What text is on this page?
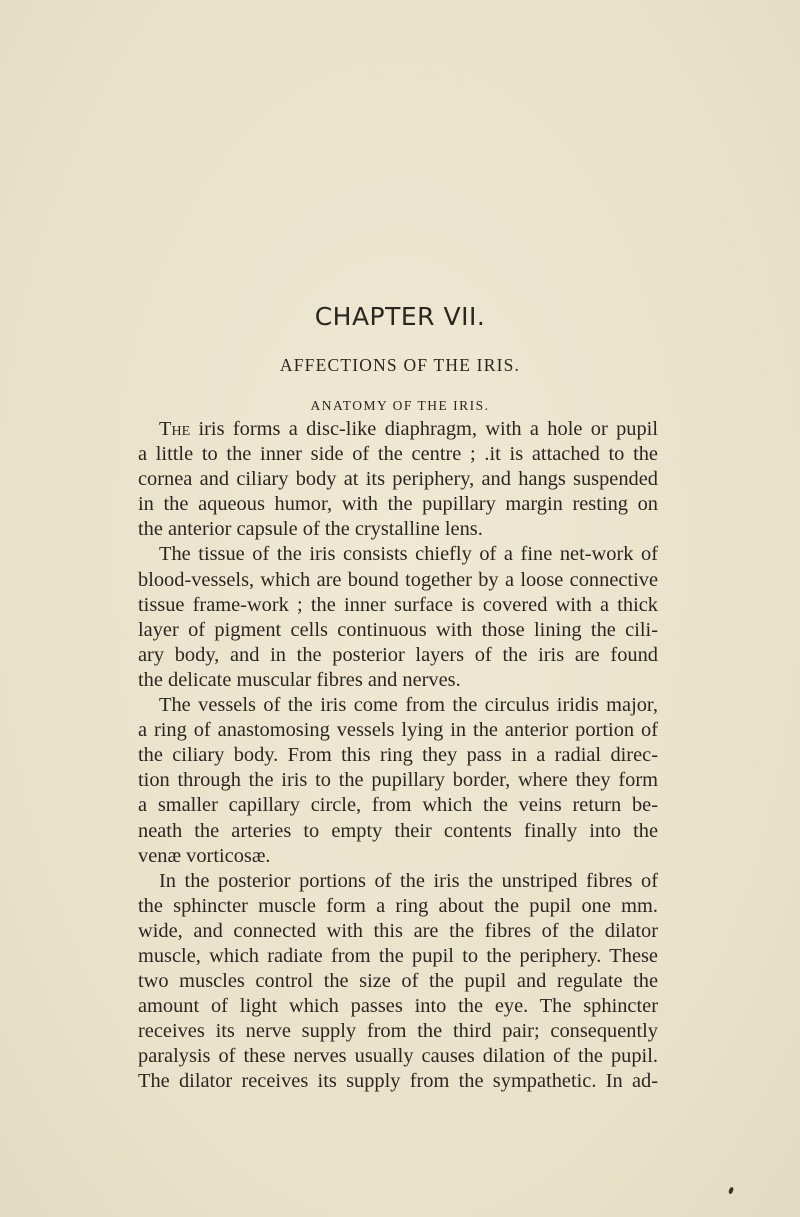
CHAPTER VII.
AFFECTIONS OF THE IRIS.
ANATOMY OF THE IRIS.
The iris forms a disc-like diaphragm, with a hole or pupil
a little to the inner side of the centre ; .it is attached to the
cornea and ciliary body at its periphery, and hangs suspended
in the aqueous humor, with the pupillary margin resting on
the anterior capsule of the crystalline lens.
The tissue of the iris consists chiefly of a fine net-work of
blood-vessels, which are bound together by a loose connective
tissue frame-work ; the inner surface is covered with a thick
layer of pigment cells continuous with those lining the cili-
ary body, and in the posterior layers of the iris are found
the delicate muscular fibres and nerves.
The vessels of the iris come from the circulus iridis major,
a ring of anastomosing vessels lying in the anterior portion of
the ciliary body. From this ring they pass in a radial direc-
tion through the iris to the pupillary border, where they form
a smaller capillary circle, from which the veins return be-
neath the arteries to empty their contents finally into the
venæ vorticosæ.
In the posterior portions of the iris the unstriped fibres of
the sphincter muscle form a ring about the pupil one mm.
wide, and connected with this are the fibres of the dilator
muscle, which radiate from the pupil to the periphery. These
two muscles control the size of the pupil and regulate the
amount of light which passes into the eye. The sphincter
receives its nerve supply from the third pair; consequently
paralysis of these nerves usually causes dilation of the pupil.
The dilator receives its supply from the sympathetic. In ad-
